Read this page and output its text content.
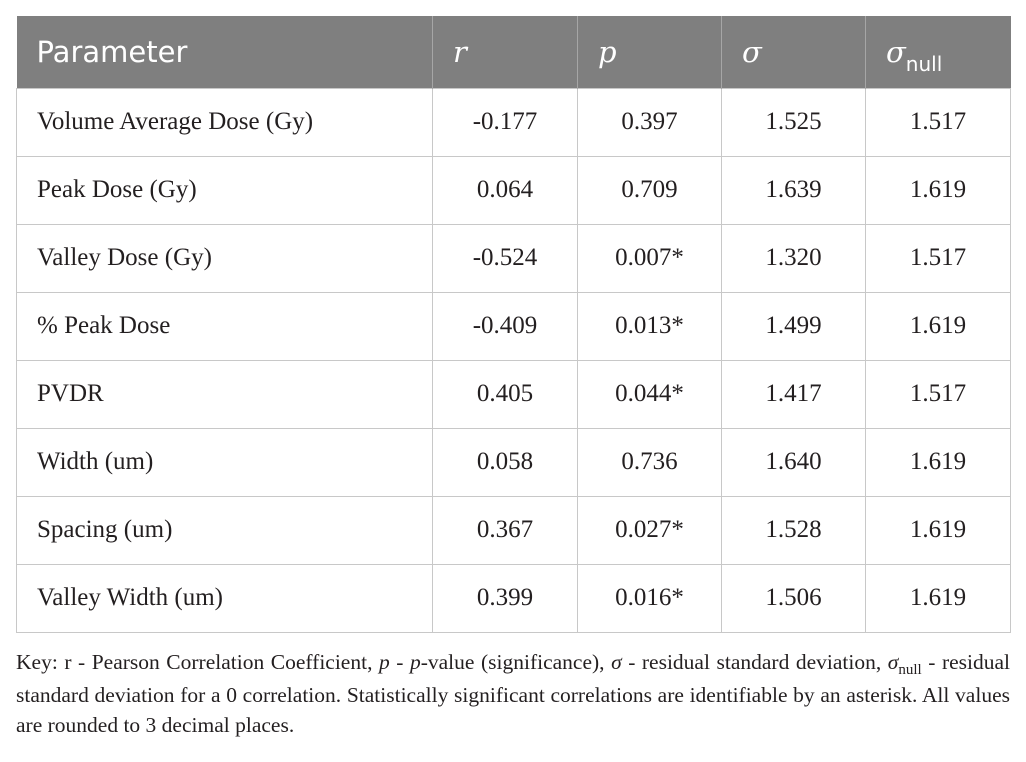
Parameter	r	p	σ	$\sigma_{null}$
Volume Average Dose (Gy)	-0.177	0.397	1.525	1.517
Peak Dose (Gy)	0.064	0.709	1.639	1.619
Valley Dose (Gy)	-0.524	0.007*	1.320	1.517
% Peak Dose	-0.409	0.013*	1.499	1.619
PVDR	0.405	0.044*	1.417	1.517
Width (um)	0.058	0.736	1.640	1.619
Spacing (um)	0.367	0.027*	1.528	1.619
Valley Width (um)	0.399	0.016*	1.506	1.619
Key: r - Pearson Correlation Coefficient, p - p-value (significance), σ - residual standard deviation, $\sigma_{null}$ - residual standard deviation for a 0 correlation. Statistically significant correlations are identifiable by an asterisk. All values are rounded to 3 decimal places.
